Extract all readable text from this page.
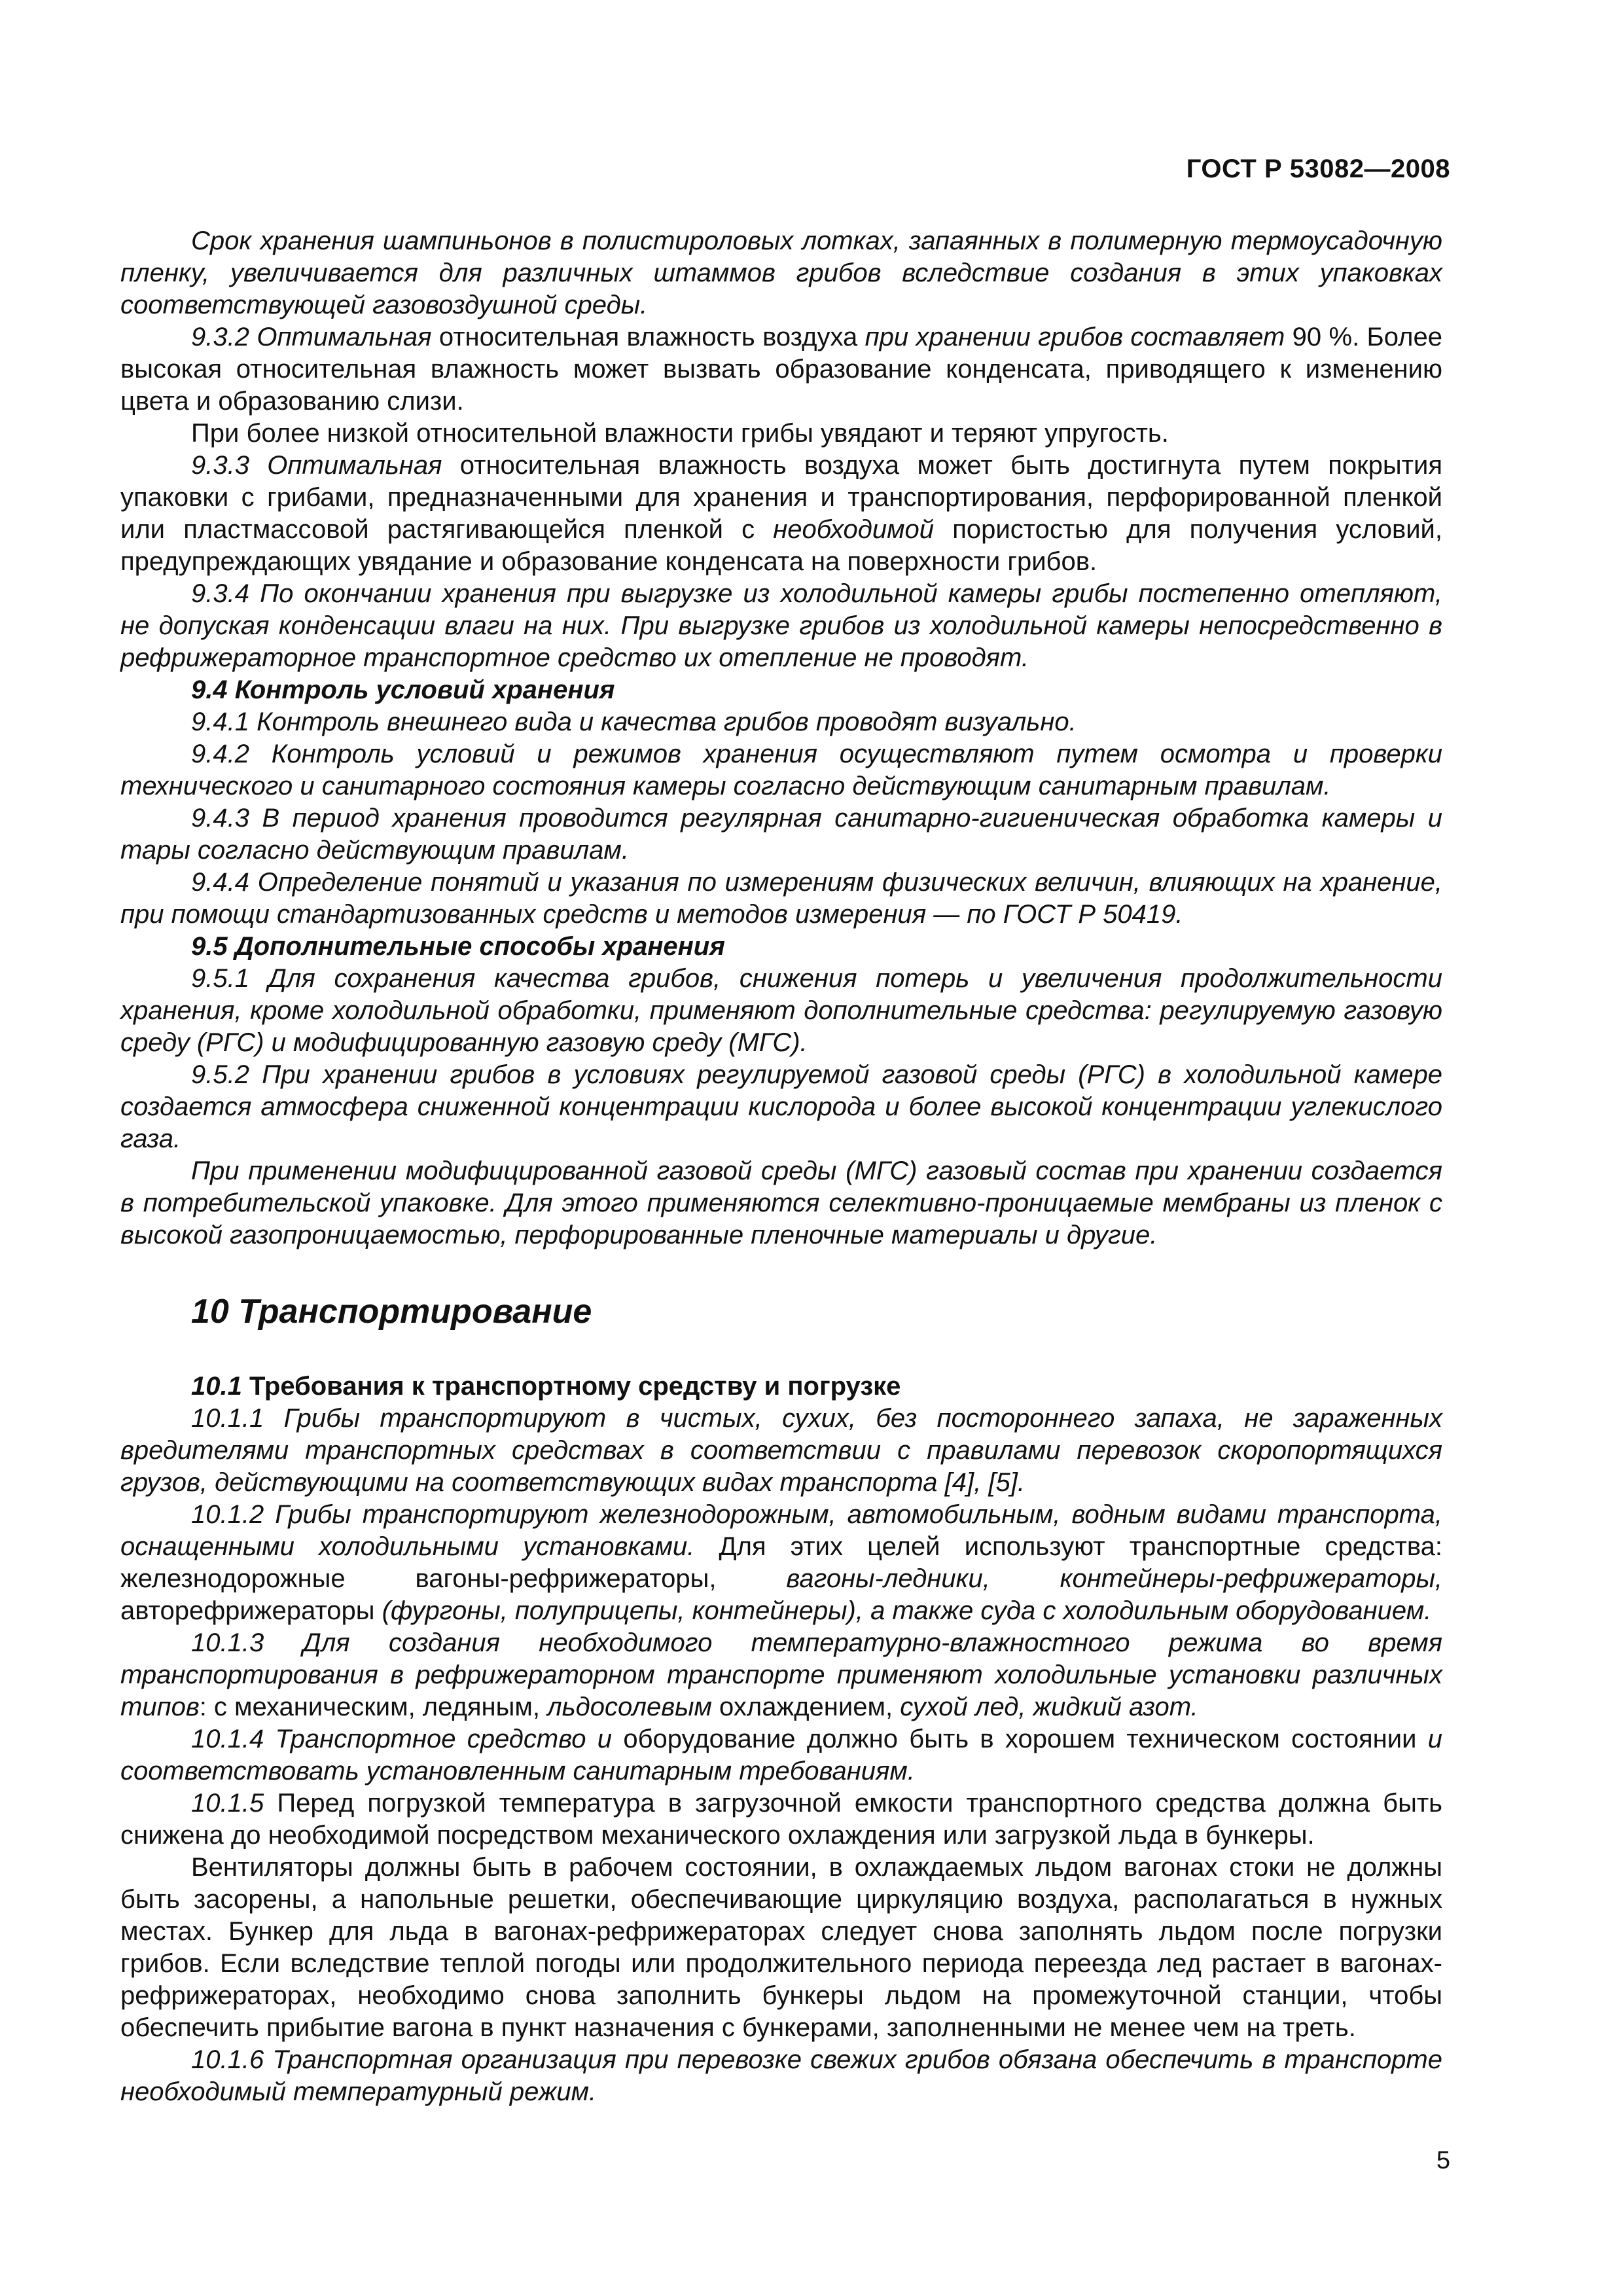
ГОСТ Р 53082—2008

Срок хранения шампиньонов в полистироловых лотках, запаянных в полимерную термоусадочную пленку, увеличивается для различных штаммов грибов вследствие создания в этих упаковках соответствующей газовоздушной среды.

9.3.2 Оптимальная относительная влажность воздуха при хранении грибов составляет 90 %. Более высокая относительная влажность может вызвать образование конденсата, приводящего к изменению цвета и образованию слизи.

При более низкой относительной влажности грибы увядают и теряют упругость.

9.3.3 Оптимальная относительная влажность воздуха может быть достигнута путем покрытия упаковки с грибами, предназначенными для хранения и транспортирования, перфорированной пленкой или пластмассовой растягивающейся пленкой с необходимой пористостью для получения условий, предупреждающих увядание и образование конденсата на поверхности грибов.

9.3.4 По окончании хранения при выгрузке из холодильной камеры грибы постепенно отепляют, не допуская конденсации влаги на них. При выгрузке грибов из холодильной камеры непосредственно в рефрижераторное транспортное средство их отепление не проводят.

9.4 Контроль условий хранения

9.4.1 Контроль внешнего вида и качества грибов проводят визуально.

9.4.2 Контроль условий и режимов хранения осуществляют путем осмотра и проверки технического и санитарного состояния камеры согласно действующим санитарным правилам.

9.4.3 В период хранения проводится регулярная санитарно-гигиеническая обработка камеры и тары согласно действующим правилам.

9.4.4 Определение понятий и указания по измерениям физических величин, влияющих на хранение, при помощи стандартизованных средств и методов измерения — по ГОСТ Р 50419.

9.5 Дополнительные способы хранения

9.5.1 Для сохранения качества грибов, снижения потерь и увеличения продолжительности хранения, кроме холодильной обработки, применяют дополнительные средства: регулируемую газовую среду (РГС) и модифицированную газовую среду (МГС).

9.5.2 При хранении грибов в условиях регулируемой газовой среды (РГС) в холодильной камере создается атмосфера сниженной концентрации кислорода и более высокой концентрации углекислого газа.

При применении модифицированной газовой среды (МГС) газовый состав при хранении создается в потребительской упаковке. Для этого применяются селективно-проницаемые мембраны из пленок с высокой газопроницаемостью, перфорированные пленочные материалы и другие.

10 Транспортирование

10.1 Требования к транспортному средству и погрузке

10.1.1 Грибы транспортируют в чистых, сухих, без постороннего запаха, не зараженных вредителями транспортных средствах в соответствии с правилами перевозок скоропортящихся грузов, действующими на соответствующих видах транспорта [4], [5].

10.1.2 Грибы транспортируют железнодорожным, автомобильным, водным видами транспорта, оснащенными холодильными установками. Для этих целей используют транспортные средства: железнодорожные вагоны-рефрижераторы, вагоны-ледники, контейнеры-рефрижераторы, авторефрижераторы (фургоны, полуприцепы, контейнеры), а также суда с холодильным оборудованием.

10.1.3 Для создания необходимого температурно-влажностного режима во время транспортирования в рефрижераторном транспорте применяют холодильные установки различных типов: с механическим, ледяным, льдосолевым охлаждением, сухой лед, жидкий азот.

10.1.4 Транспортное средство и оборудование должно быть в хорошем техническом состоянии и соответствовать установленным санитарным требованиям.

10.1.5 Перед погрузкой температура в загрузочной емкости транспортного средства должна быть снижена до необходимой посредством механического охлаждения или загрузкой льда в бункеры.

Вентиляторы должны быть в рабочем состоянии, в охлаждаемых льдом вагонах стоки не должны быть засорены, а напольные решетки, обеспечивающие циркуляцию воздуха, располагаться в нужных местах. Бункер для льда в вагонах-рефрижераторах следует снова заполнять льдом после погрузки грибов. Если вследствие теплой погоды или продолжительного периода переезда лед растает в вагонах-рефрижераторах, необходимо снова заполнить бункеры льдом на промежуточной станции, чтобы обеспечить прибытие вагона в пункт назначения с бункерами, заполненными не менее чем на треть.

10.1.6 Транспортная организация при перевозке свежих грибов обязана обеспечить в транспорте необходимый температурный режим.

5
